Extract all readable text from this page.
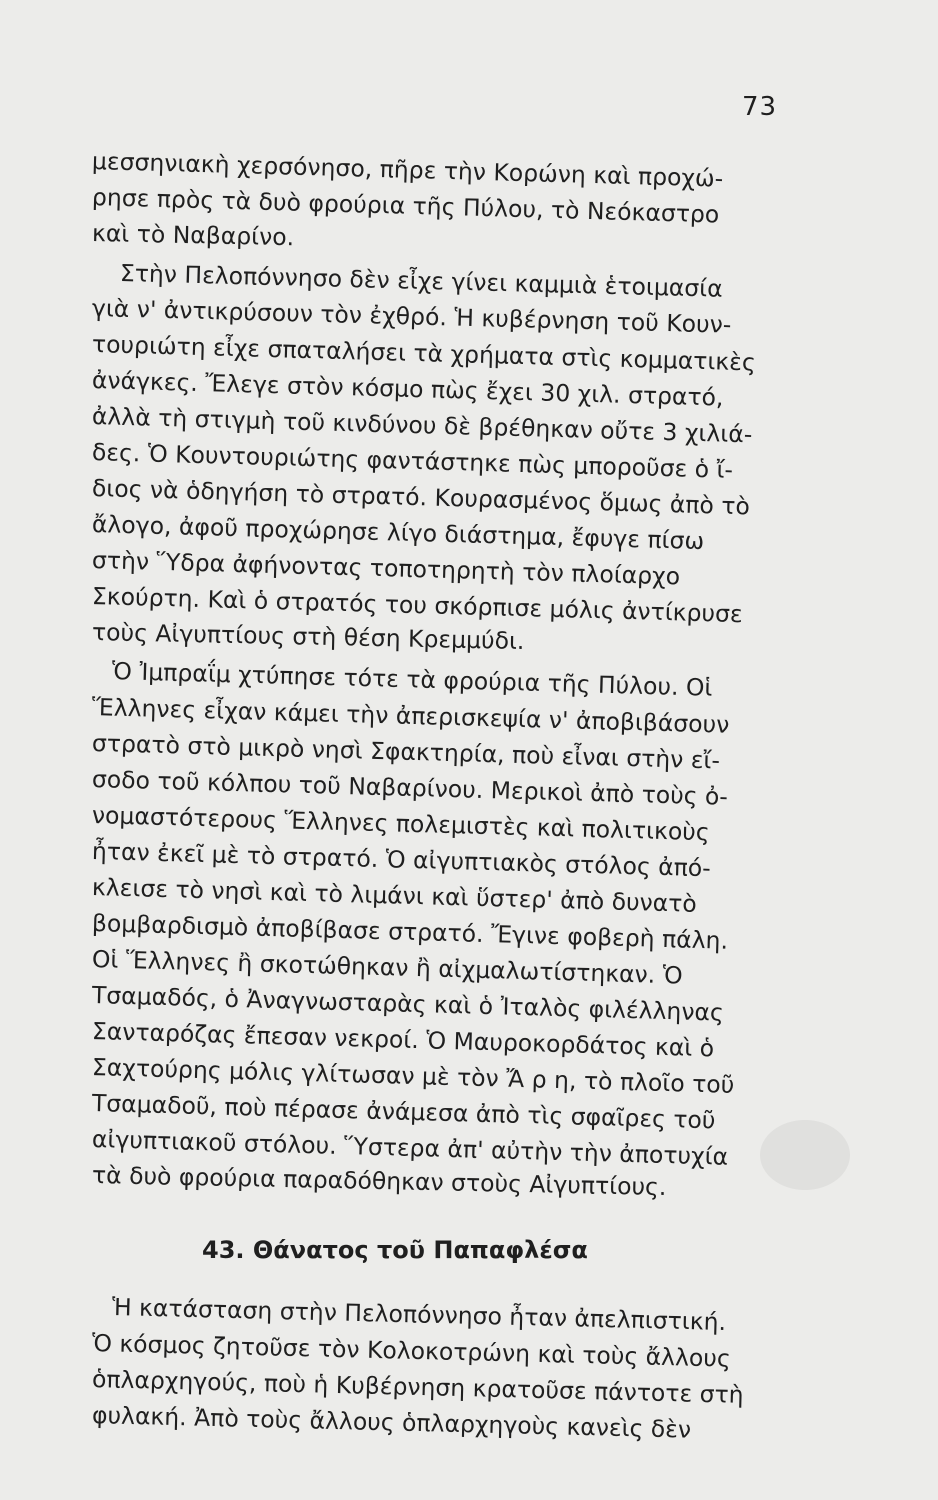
73
μεσσηνιακὴ χερσόνησο, πῆρε τὴν Κορώνη καὶ προχώ-
ρησε πρὸς τὰ δυὸ φρούρια τῆς Πύλου, τὸ Νεόκαστρο
καὶ τὸ Ναβαρίνο.
Στὴν Πελοπόννησο δὲν εἶχε γίνει καμμιὰ ἑτοιμασία
γιὰ ν' ἀντικρύσουν τὸν ἐχθρό. Ἡ κυβέρνηση τοῦ Κουν-
τουριώτη εἶχε σπαταλήσει τὰ χρήματα στὶς κομματικὲς
ἀνάγκες. Ἔλεγε στὸν κόσμο πὼς ἔχει 30 χιλ. στρατό,
ἀλλὰ τὴ στιγμὴ τοῦ κινδύνου δὲ βρέθηκαν οὔτε 3 χιλιά-
δες. Ὁ Κουντουριώτης φαντάστηκε πὼς μποροῦσε ὁ ἴ-
διος νὰ ὁδηγήση τὸ στρατό. Κουρασμένος ὅμως ἀπὸ τὸ
ἄλογο, ἀφοῦ προχώρησε λίγο διάστημα, ἔφυγε πίσω
στὴν Ὕδρα ἀφήνοντας τοποτηρητὴ τὸν πλοίαρχο
Σκούρτη. Καὶ ὁ στρατός του σκόρπισε μόλις ἀντίκρυσε
τοὺς Αἰγυπτίους στὴ θέση Κρεμμύδι.
Ὁ Ἰμπραΐμ χτύπησε τότε τὰ φρούρια τῆς Πύλου. Οἱ
Ἕλληνες εἶχαν κάμει τὴν ἀπερισκεψία ν' ἀποβιβάσουν
στρατὸ στὸ μικρὸ νησὶ Σφακτηρία, ποὺ εἶναι στὴν εἴ-
σοδο τοῦ κόλπου τοῦ Ναβαρίνου. Μερικοὶ ἀπὸ τοὺς ὀ-
νομαστότερους Ἕλληνες πολεμιστὲς καὶ πολιτικοὺς
ἦταν ἐκεῖ μὲ τὸ στρατό. Ὁ αἰγυπτιακὸς στόλος ἀπό-
κλεισε τὸ νησὶ καὶ τὸ λιμάνι καὶ ὕστερ' ἀπὸ δυνατὸ
βομβαρδισμὸ ἀποβίβασε στρατό. Ἔγινε φοβερὴ πάλη.
Οἱ Ἕλληνες ἢ σκοτώθηκαν ἢ αἰχμαλωτίστηκαν. Ὁ
Τσαμαδός, ὁ Ἀναγνωσταρὰς καὶ ὁ Ἰταλὸς φιλέλληνας
Σανταρόζας ἔπεσαν νεκροί. Ὁ Μαυροκορδάτος καὶ ὁ
Σαχτούρης μόλις γλίτωσαν μὲ τὸν Ἄ ρ η, τὸ πλοῖο τοῦ
Τσαμαδοῦ, ποὺ πέρασε ἀνάμεσα ἀπὸ τὶς σφαῖρες τοῦ
αἰγυπτιακοῦ στόλου. Ὕστερα ἀπ' αὐτὴν τὴν ἀποτυχία
τὰ δυὸ φρούρια παραδόθηκαν στοὺς Αἰγυπτίους.
43. Θάνατος τοῦ Παπαφλέσα
Ἡ κατάσταση στὴν Πελοπόννησο ἦταν ἀπελπιστική.
Ὁ κόσμος ζητοῦσε τὸν Κολοκοτρώνη καὶ τοὺς ἄλλους
ὁπλαρχηγούς, ποὺ ἡ Κυβέρνηση κρατοῦσε πάντοτε στὴ
φυλακή. Ἀπὸ τοὺς ἄλλους ὁπλαρχηγοὺς κανεὶς δὲν
